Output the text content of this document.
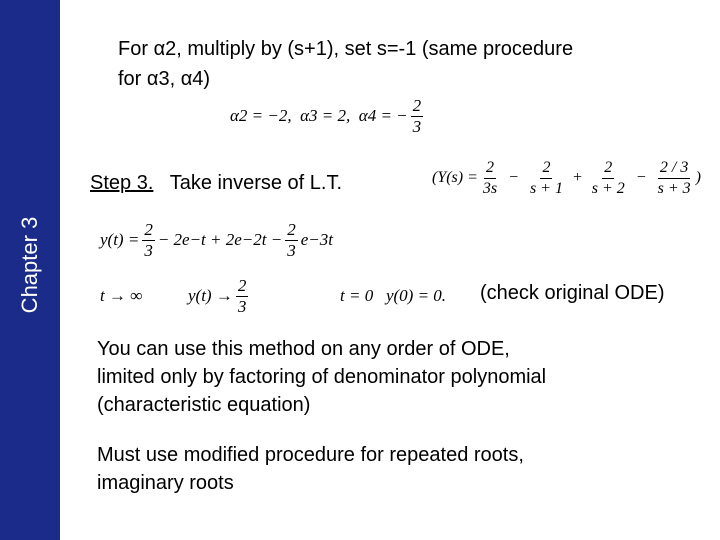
Chapter 3
For α2, multiply by (s+1), set s=-1 (same procedure
for α3, α4)
α2 = −2,
α3 = 2,
α4 = − $\frac{2}{3}$
Step 3. Take inverse of L.T.	($Y(s) = \frac{2}{3s} - \frac{2}{s + 1} + \frac{2}{s + 2} - \frac{2 / 3}{s + 3}$ )
$y(t) = \frac{2}{3} - 2e-t + 2e-2t - \frac{2}{3} e-3t$
t → ∞	$y(t) \to \frac{2}{3}$	t = 0
y(0) = 0. (check original ODE)
You can use this method on any order of ODE,
limited only by factoring of denominator polynomial
(characteristic equation)
Must use modified procedure for repeated roots,
imaginary roots
